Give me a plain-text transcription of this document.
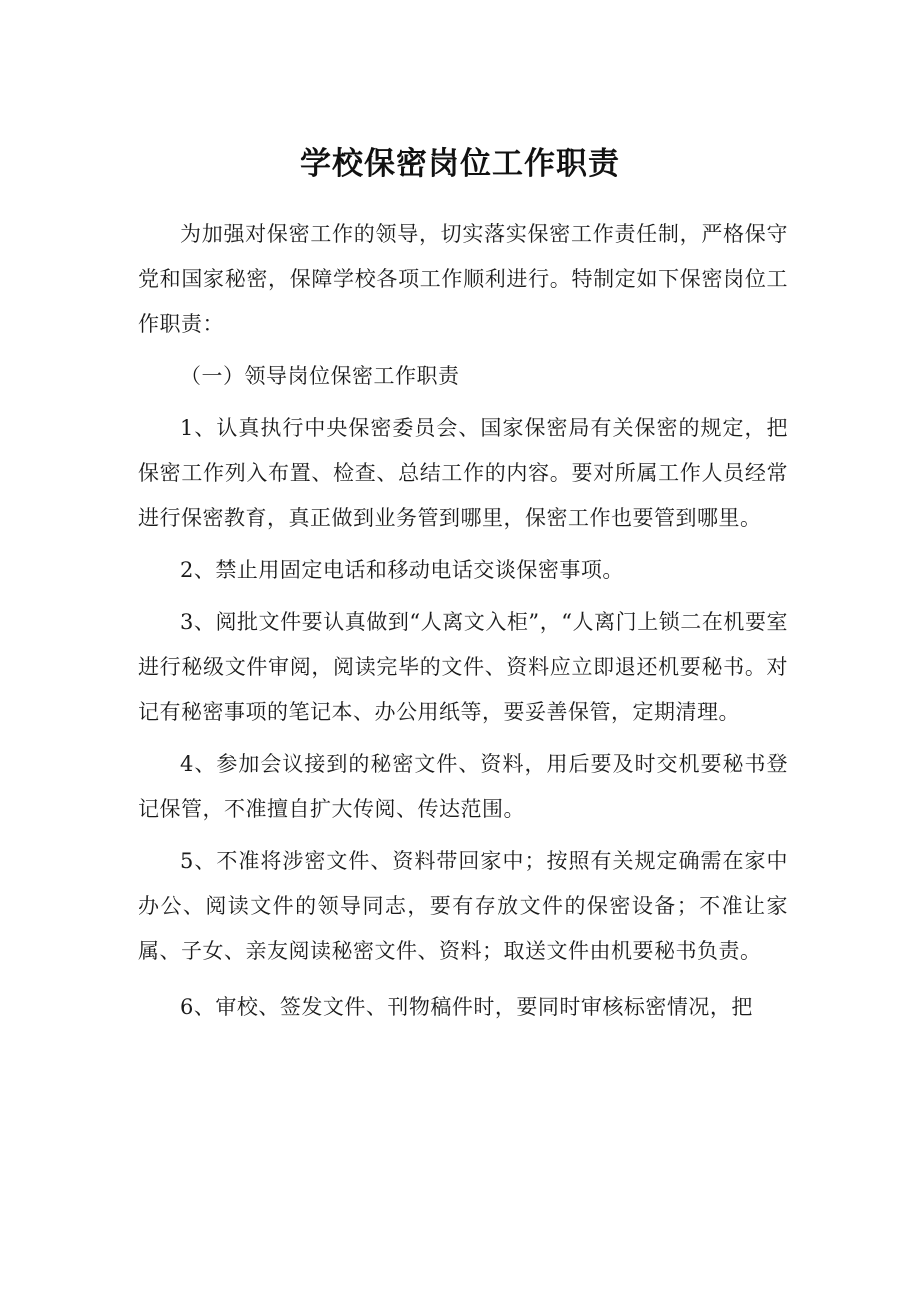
学校保密岗位工作职责

为加强对保密工作的领导，切实落实保密工作责任制，严格保守党和国家秘密，保障学校各项工作顺利进行。特制定如下保密岗位工作职责：

（一）领导岗位保密工作职责

1、认真执行中央保密委员会、国家保密局有关保密的规定，把保密工作列入布置、检查、总结工作的内容。要对所属工作人员经常进行保密教育，真正做到业务管到哪里，保密工作也要管到哪里。

2、禁止用固定电话和移动电话交谈保密事项。

3、阅批文件要认真做到“人离文入柜”，“人离门上锁二在机要室进行秘级文件审阅，阅读完毕的文件、资料应立即退还机要秘书。对记有秘密事项的笔记本、办公用纸等，要妥善保管，定期清理。

4、参加会议接到的秘密文件、资料，用后要及时交机要秘书登记保管，不准擅自扩大传阅、传达范围。

5、不准将涉密文件、资料带回家中；按照有关规定确需在家中办公、阅读文件的领导同志，要有存放文件的保密设备；不准让家属、子女、亲友阅读秘密文件、资料；取送文件由机要秘书负责。

6、审校、签发文件、刊物稿件时，要同时审核标密情况，把
